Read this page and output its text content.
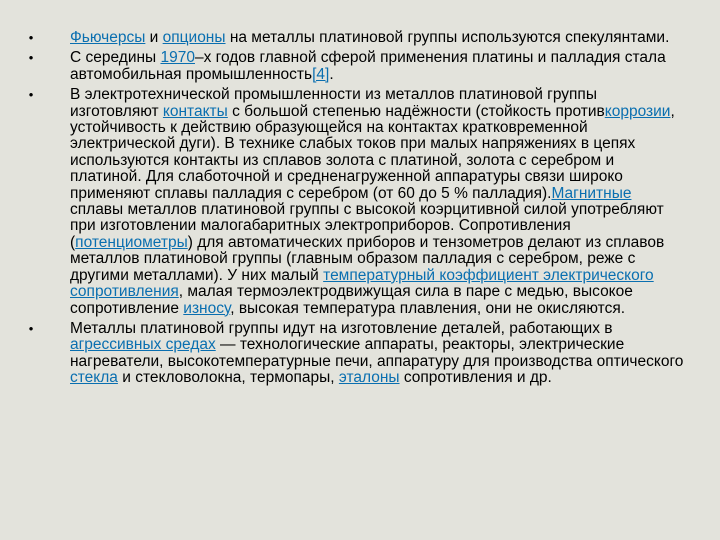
• Фьючерсы и опционы на металлы платиновой группы используются спекулянтами.
• С середины 1970–х годов главной сферой применения платины и палладия стала автомобильная промышленность[4].
• В электротехнической промышленности из металлов платиновой группы изготовляют контакты с большой степенью надёжности (стойкость противкоррозии, устойчивость к действию образующейся на контактах кратковременной электрической дуги). В технике слабых токов при малых напряжениях в цепях используются контакты из сплавов золота с платиной, золота с серебром и платиной. Для слаботочной и средненагруженной аппаратуры связи широко применяют сплавы палладия с серебром (от 60 до 5 % палладия).Магнитные сплавы металлов платиновой группы с высокой коэрцитивной силой употребляют при изготовлении малогабаритных электроприборов. Сопротивления (потенциометры) для автоматических приборов и тензометров делают из сплавов металлов платиновой группы (главным образом палладия с серебром, реже с другими металлами). У них малый температурный коэффициент электрического сопротивления, малая термоэлектродвижущая сила в паре с медью, высокое сопротивление износу, высокая температура плавления, они не окисляются.
• Металлы платиновой группы идут на изготовление деталей, работающих в агрессивных средах — технологические аппараты, реакторы, электрические нагреватели, высокотемпературные печи, аппаратуру для производства оптического стекла и стекловолокна, термопары, эталоны сопротивления и др.
